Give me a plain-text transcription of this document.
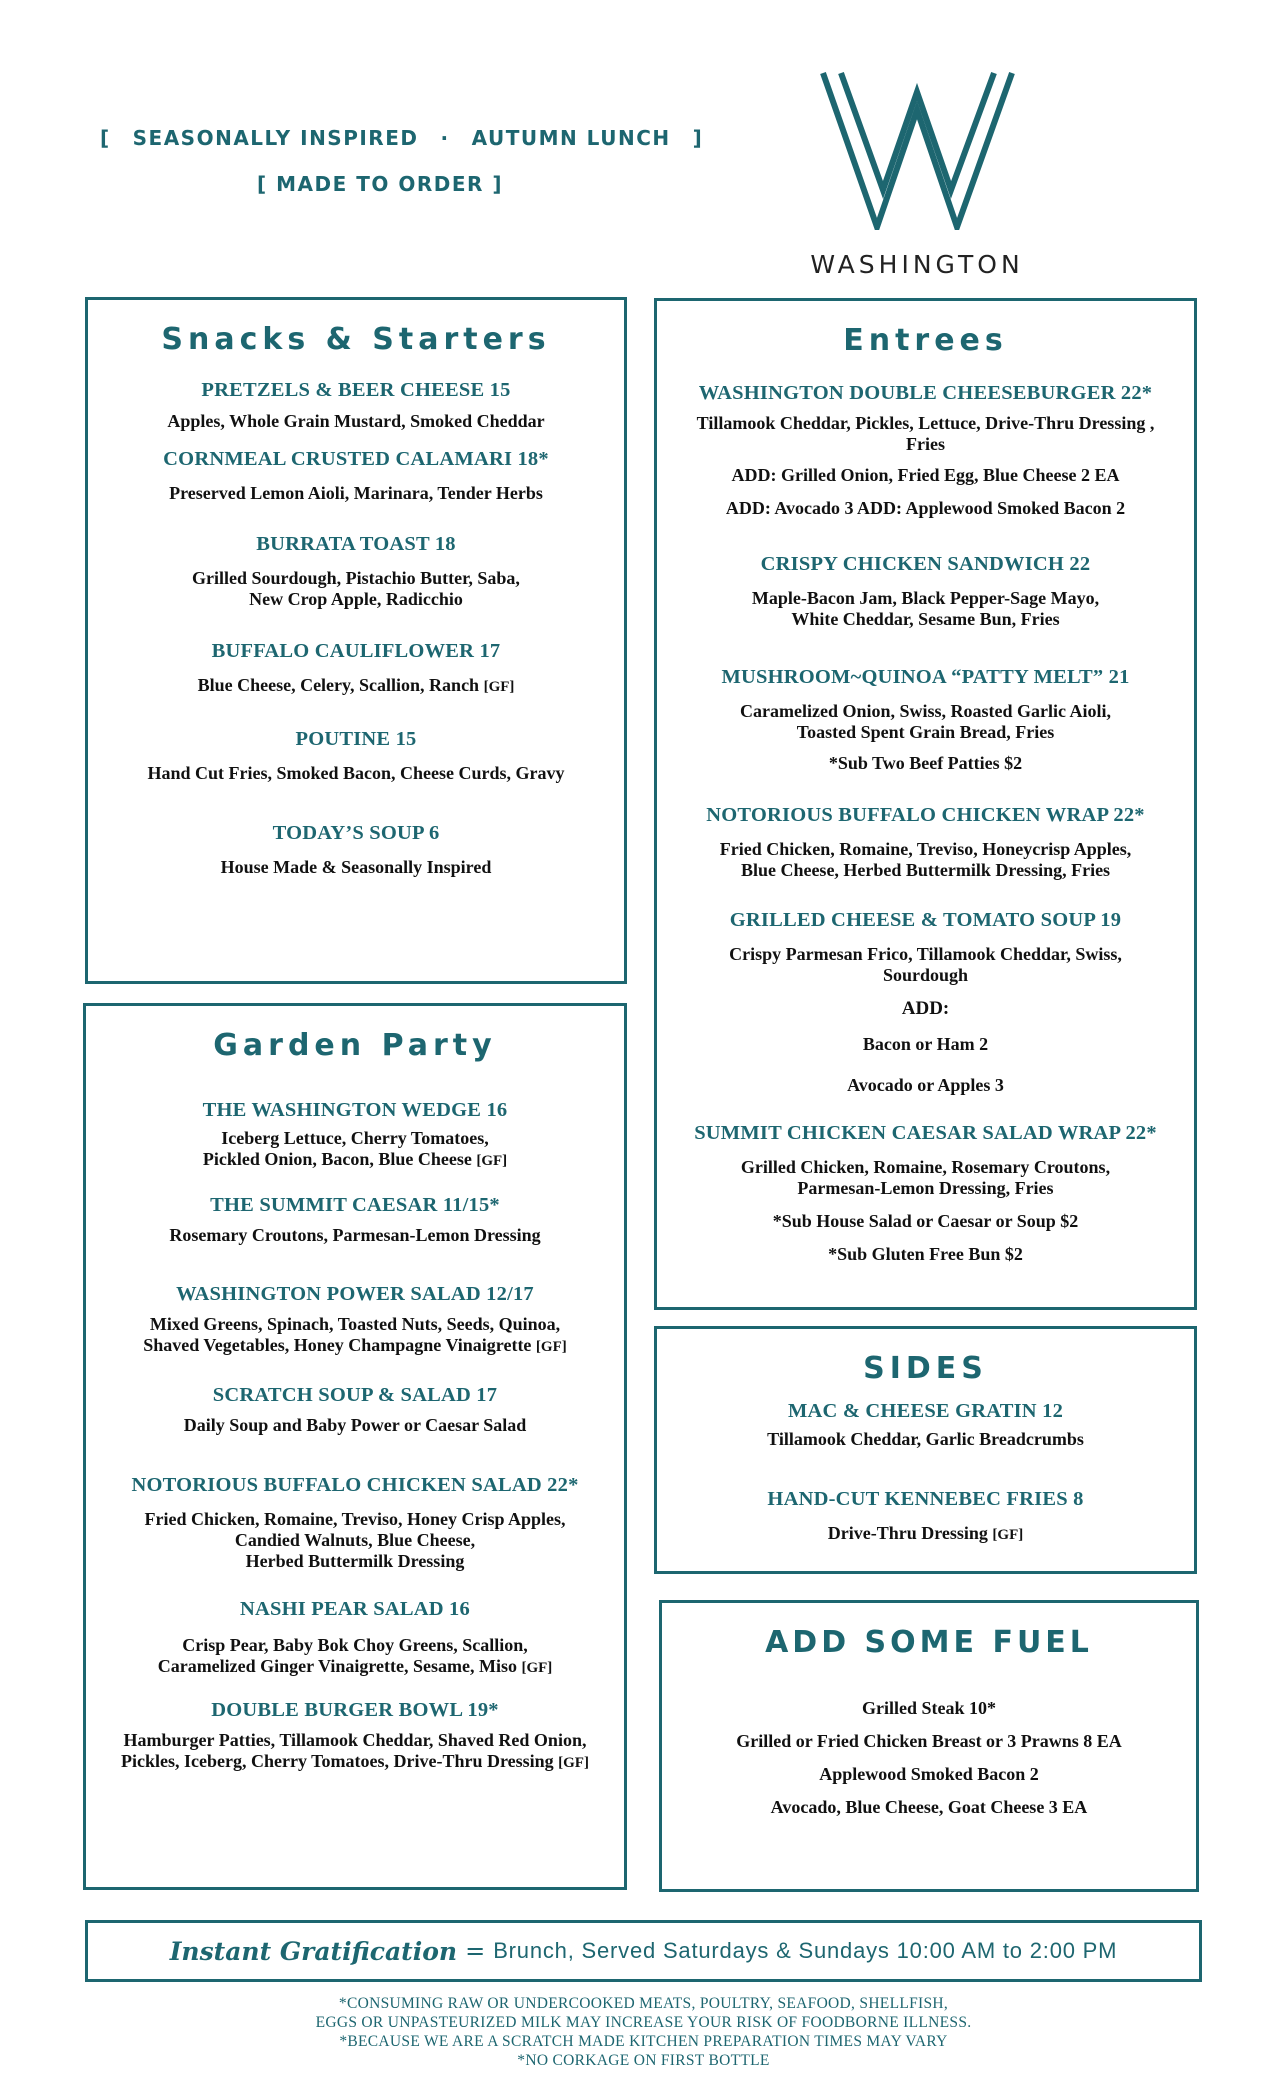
[ SEASONALLY INSPIRED · AUTUMN LUNCH ]
[ MADE TO ORDER ]
WASHINGTON
Snacks & Starters
PRETZELS & BEER CHEESE 15
Apples, Whole Grain Mustard, Smoked Cheddar
CORNMEAL CRUSTED CALAMARI 18*
Preserved Lemon Aioli, Marinara, Tender Herbs
BURRATA TOAST 18
Grilled Sourdough, Pistachio Butter, Saba,
New Crop Apple, Radicchio
BUFFALO CAULIFLOWER 17
Blue Cheese, Celery, Scallion, Ranch [GF]
POUTINE 15
Hand Cut Fries, Smoked Bacon, Cheese Curds, Gravy
TODAY’S SOUP 6
House Made & Seasonally Inspired
Garden Party
THE WASHINGTON WEDGE 16
Iceberg Lettuce, Cherry Tomatoes,
Pickled Onion, Bacon, Blue Cheese [GF]
THE SUMMIT CAESAR 11/15*
Rosemary Croutons, Parmesan-Lemon Dressing
WASHINGTON POWER SALAD 12/17
Mixed Greens, Spinach, Toasted Nuts, Seeds, Quinoa,
Shaved Vegetables, Honey Champagne Vinaigrette [GF]
SCRATCH SOUP & SALAD 17
Daily Soup and Baby Power or Caesar Salad
NOTORIOUS BUFFALO CHICKEN SALAD 22*
Fried Chicken, Romaine, Treviso, Honey Crisp Apples,
Candied Walnuts, Blue Cheese,
Herbed Buttermilk Dressing
NASHI PEAR SALAD 16
Crisp Pear, Baby Bok Choy Greens, Scallion,
Caramelized Ginger Vinaigrette, Sesame, Miso [GF]
DOUBLE BURGER BOWL 19*
Hamburger Patties, Tillamook Cheddar, Shaved Red Onion,
Pickles, Iceberg, Cherry Tomatoes, Drive-Thru Dressing [GF]
Entrees
WASHINGTON DOUBLE CHEESEBURGER 22*
Tillamook Cheddar, Pickles, Lettuce, Drive-Thru Dressing ,
Fries
ADD: Grilled Onion, Fried Egg, Blue Cheese 2 EA
ADD: Avocado 3 ADD: Applewood Smoked Bacon 2
CRISPY CHICKEN SANDWICH 22
Maple-Bacon Jam, Black Pepper-Sage Mayo,
White Cheddar, Sesame Bun, Fries
MUSHROOM~QUINOA “PATTY MELT” 21
Caramelized Onion, Swiss, Roasted Garlic Aioli,
Toasted Spent Grain Bread, Fries
*Sub Two Beef Patties $2
NOTORIOUS BUFFALO CHICKEN WRAP 22*
Fried Chicken, Romaine, Treviso, Honeycrisp Apples,
Blue Cheese, Herbed Buttermilk Dressing, Fries
GRILLED CHEESE & TOMATO SOUP 19
Crispy Parmesan Frico, Tillamook Cheddar, Swiss,
Sourdough
ADD:
Bacon or Ham 2
Avocado or Apples 3
SUMMIT CHICKEN CAESAR SALAD WRAP 22*
Grilled Chicken, Romaine, Rosemary Croutons,
Parmesan-Lemon Dressing, Fries
*Sub House Salad or Caesar or Soup $2
*Sub Gluten Free Bun $2
SIDES
MAC & CHEESE GRATIN 12
Tillamook Cheddar, Garlic Breadcrumbs
HAND-CUT KENNEBEC FRIES 8
Drive-Thru Dressing [GF]
ADD SOME FUEL
Grilled Steak 10*
Grilled or Fried Chicken Breast or 3 Prawns 8 EA
Applewood Smoked Bacon 2
Avocado, Blue Cheese, Goat Cheese 3 EA
Instant Gratification = Brunch, Served Saturdays & Sundays 10:00 AM to 2:00 PM
*CONSUMING RAW OR UNDERCOOKED MEATS, POULTRY, SEAFOOD, SHELLFISH,
EGGS OR UNPASTEURIZED MILK MAY INCREASE YOUR RISK OF FOODBORNE ILLNESS.
*BECAUSE WE ARE A SCRATCH MADE KITCHEN PREPARATION TIMES MAY VARY
*NO CORKAGE ON FIRST BOTTLE
